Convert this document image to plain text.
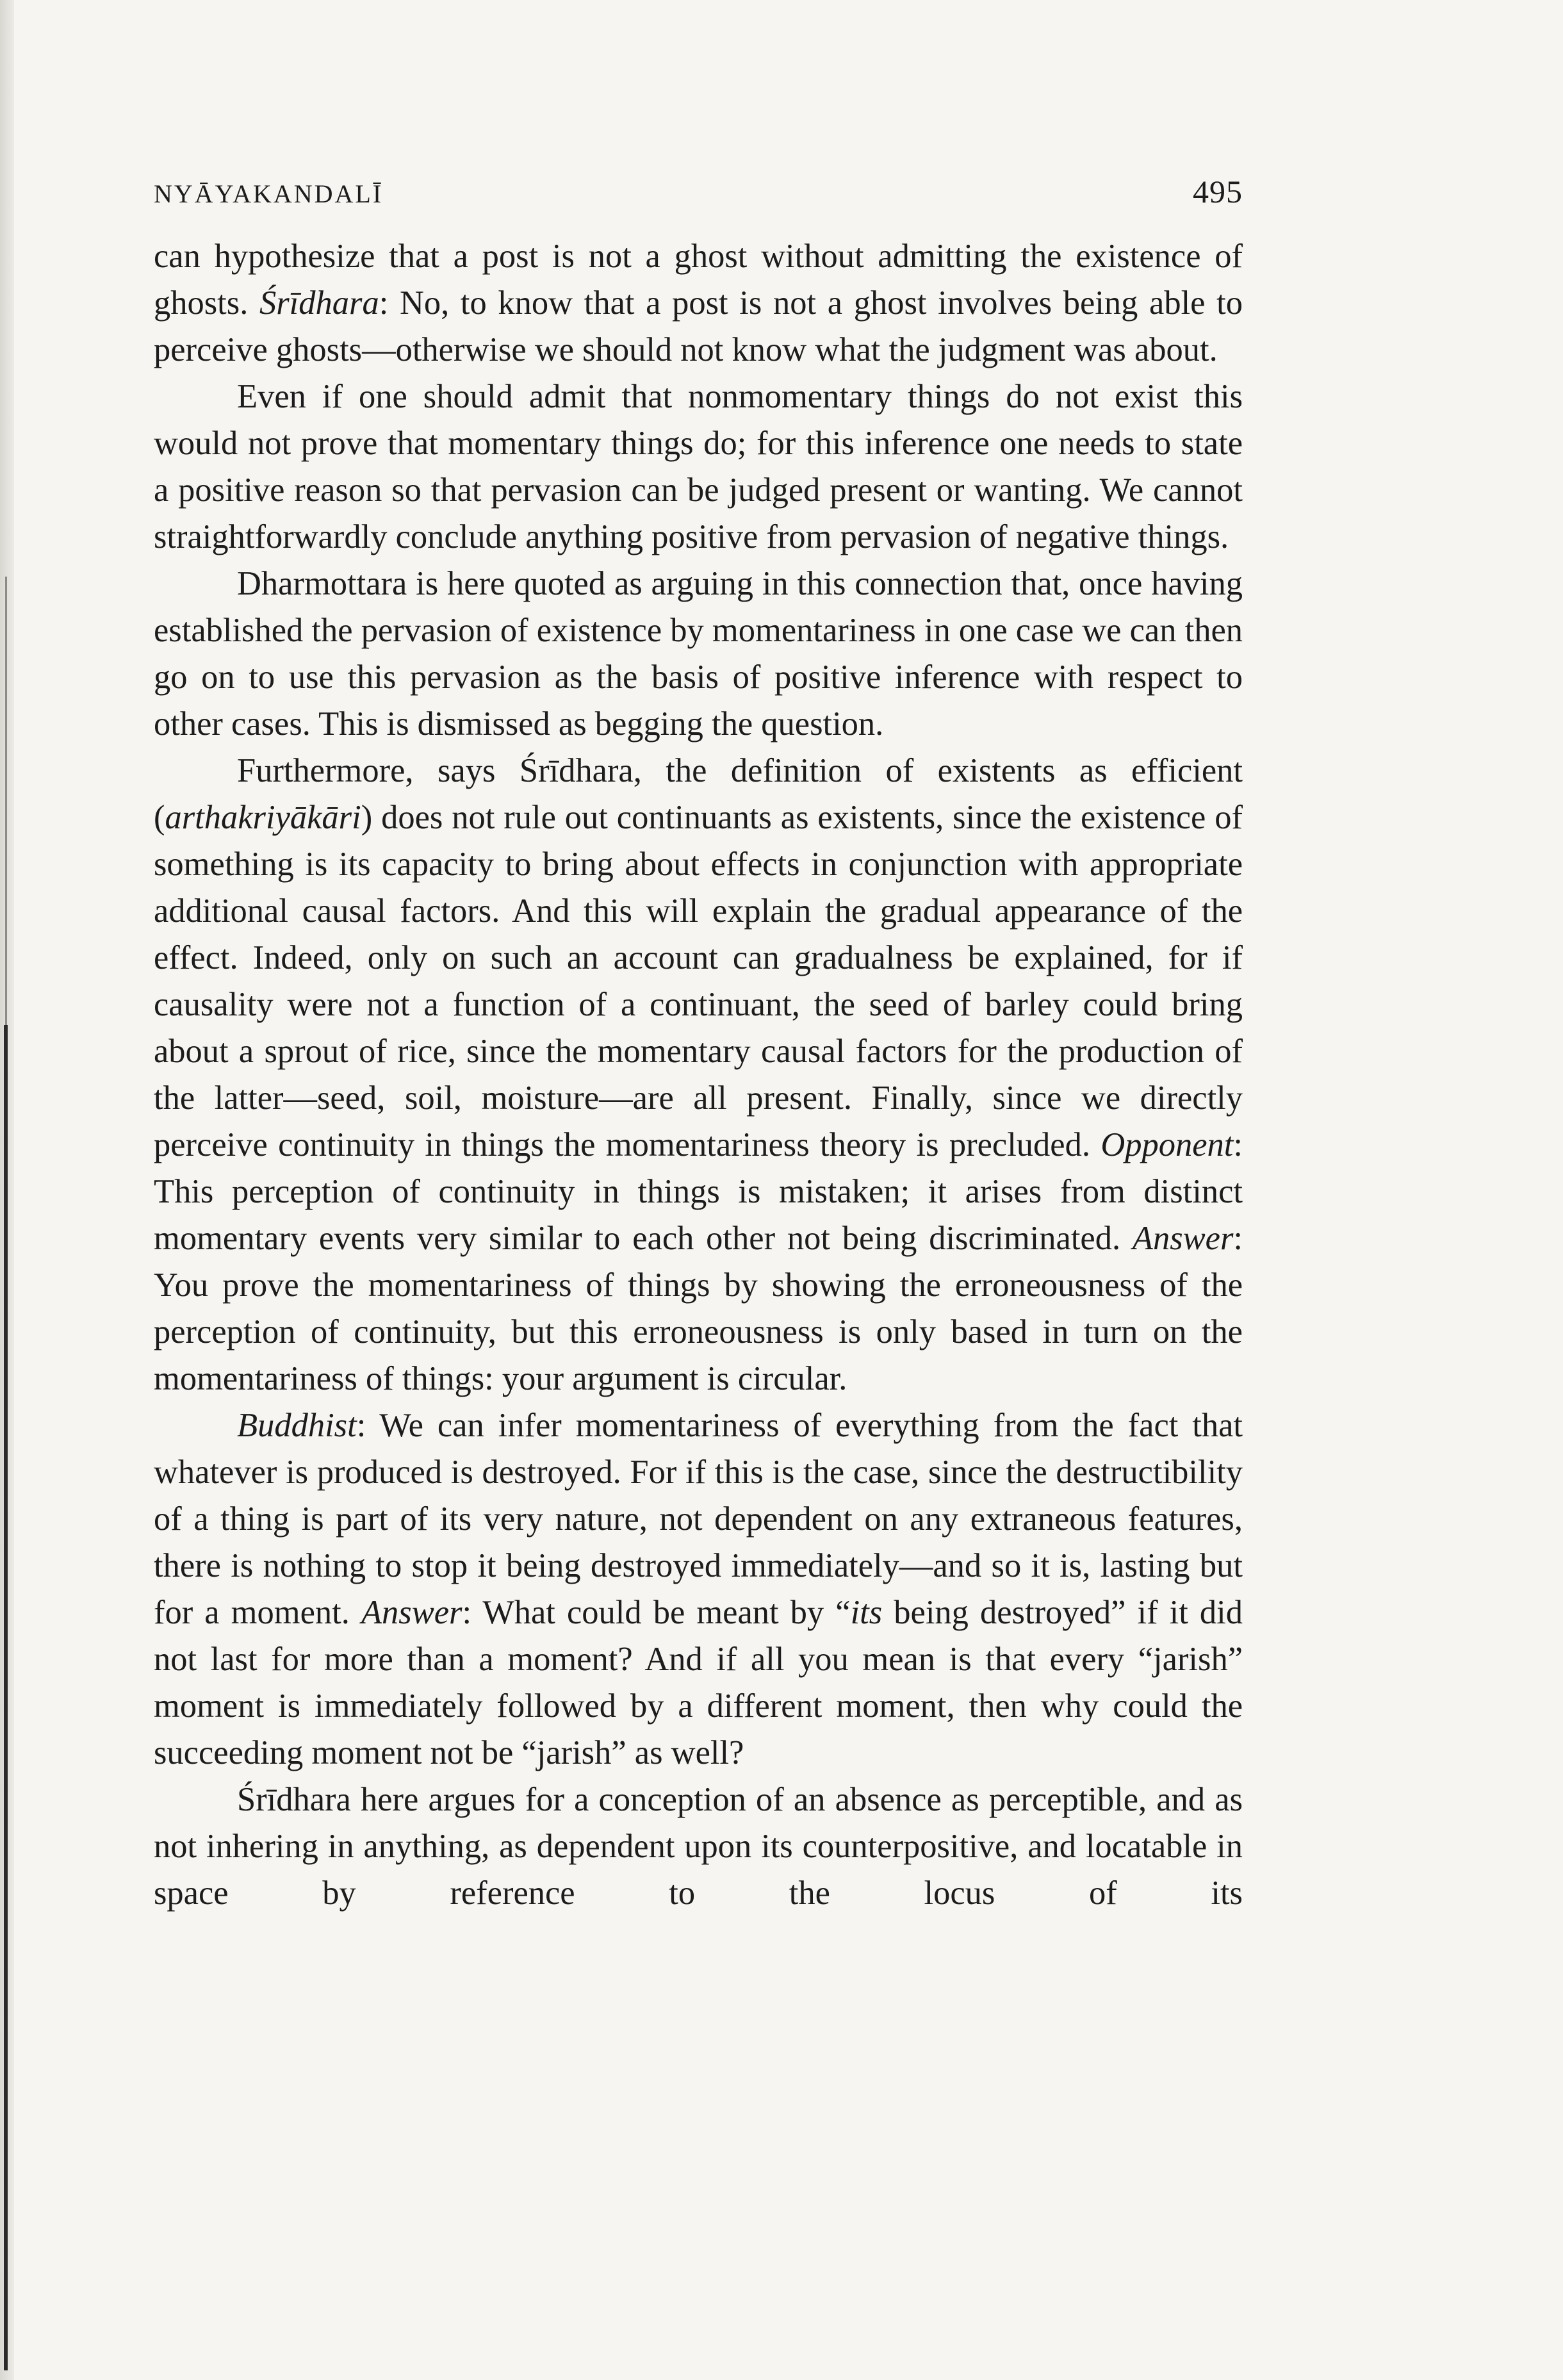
NYĀYAKANDALĪ	495

can hypothesize that a post is not a ghost without admitting the existence of ghosts. Śrīdhara: No, to know that a post is not a ghost involves being able to perceive ghosts—otherwise we should not know what the judgment was about.

Even if one should admit that nonmomentary things do not exist this would not prove that momentary things do; for this inference one needs to state a positive reason so that pervasion can be judged present or wanting. We cannot straightforwardly conclude anything positive from pervasion of negative things.

Dharmottara is here quoted as arguing in this connection that, once having established the pervasion of existence by momentariness in one case we can then go on to use this pervasion as the basis of positive inference with respect to other cases. This is dismissed as begging the question.

Furthermore, says Śrīdhara, the definition of existents as efficient (arthakriyākāri) does not rule out continuants as existents, since the existence of something is its capacity to bring about effects in conjunction with appropriate additional causal factors. And this will explain the gradual appearance of the effect. Indeed, only on such an account can gradualness be explained, for if causality were not a function of a continuant, the seed of barley could bring about a sprout of rice, since the momentary causal factors for the production of the latter—seed, soil, moisture—are all present. Finally, since we directly perceive continuity in things the momentariness theory is precluded. Opponent: This perception of continuity in things is mistaken; it arises from distinct momentary events very similar to each other not being discriminated. Answer: You prove the momentariness of things by showing the erroneousness of the perception of continuity, but this erroneousness is only based in turn on the momentariness of things: your argument is circular.

Buddhist: We can infer momentariness of everything from the fact that whatever is produced is destroyed. For if this is the case, since the destructibility of a thing is part of its very nature, not dependent on any extraneous features, there is nothing to stop it being destroyed immediately—and so it is, lasting but for a moment. Answer: What could be meant by “its being destroyed” if it did not last for more than a moment? And if all you mean is that every “jarish” moment is immediately followed by a different moment, then why could the succeeding moment not be “jarish” as well?

Śrīdhara here argues for a conception of an absence as perceptible, and as not inhering in anything, as dependent upon its counterpositive, and locatable in space by reference to the locus of its
